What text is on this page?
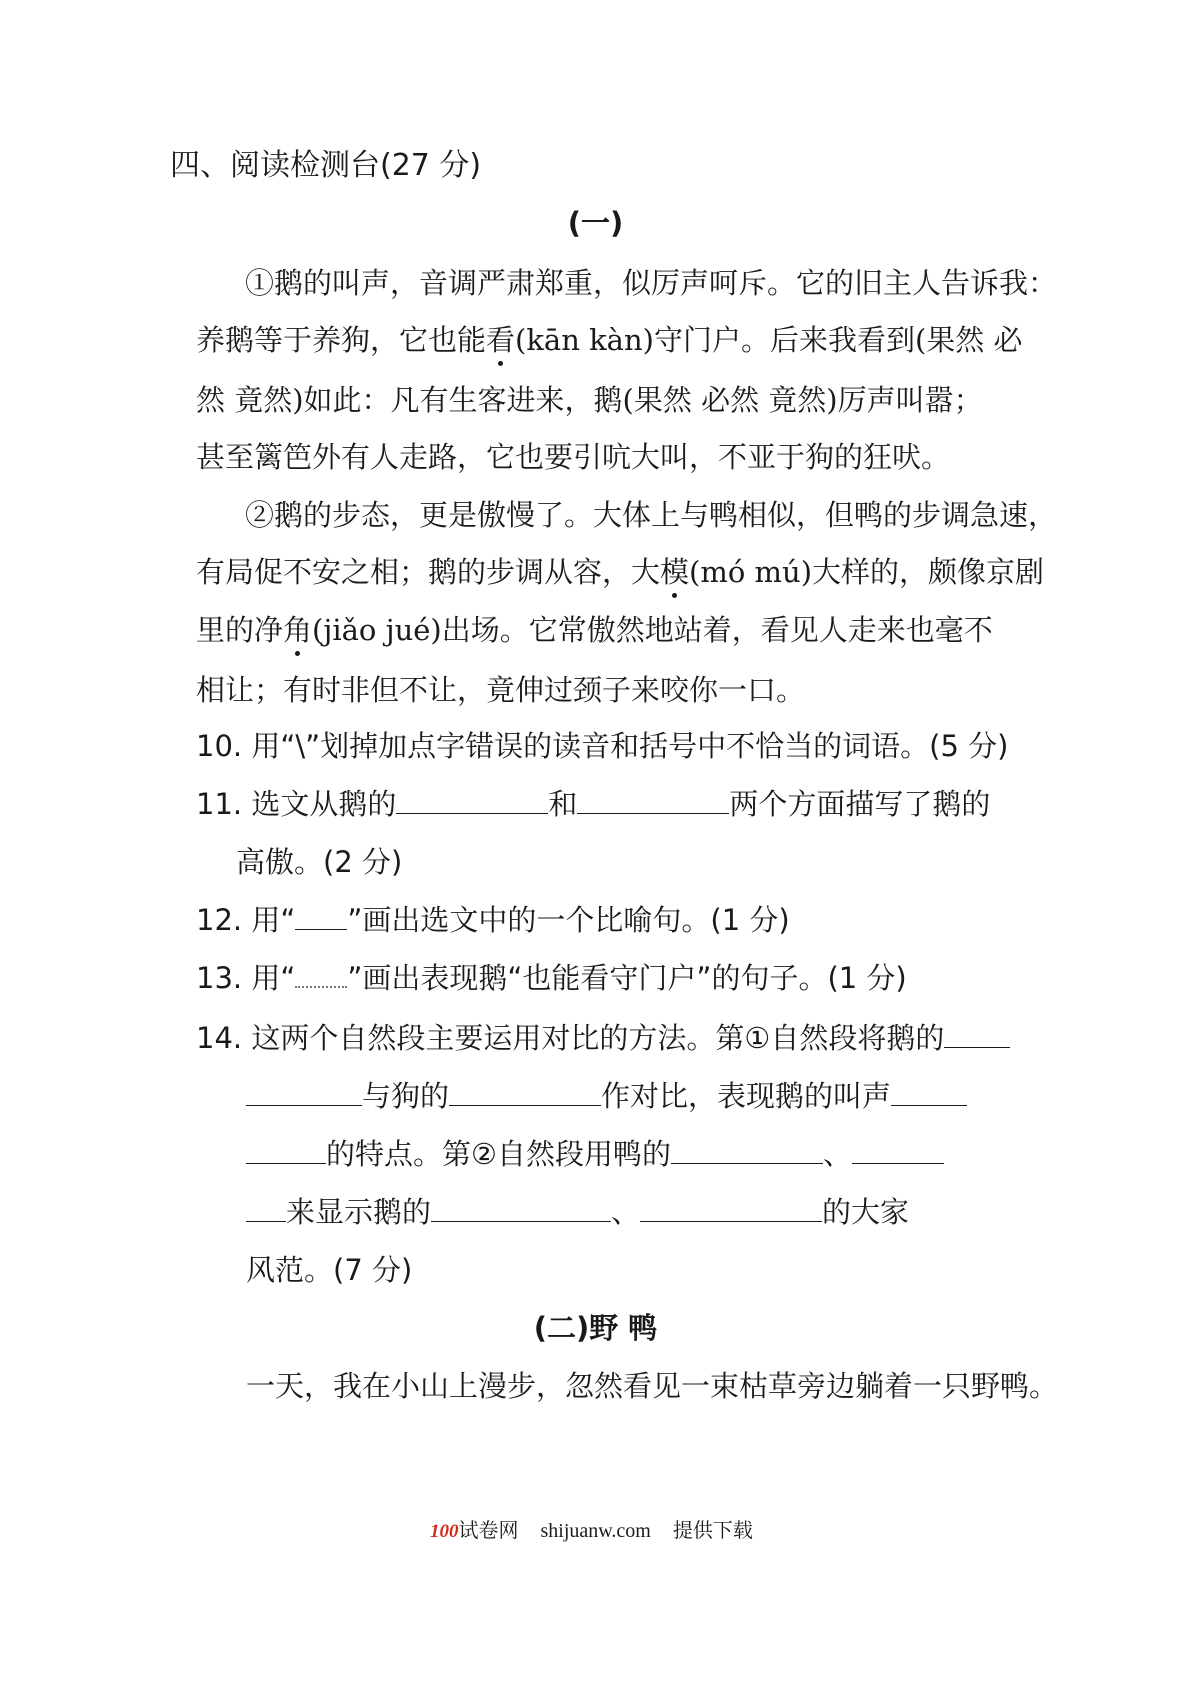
四、阅读检测台(27 分)
(一)
①鹅的叫声，音调严肃郑重，似厉声呵斥。它的旧主人告诉我：
养鹅等于养狗，它也能看(kān kàn)守门户。后来我看到(果然 必
然 竟然)如此：凡有生客进来，鹅(果然 必然 竟然)厉声叫嚣；
甚至篱笆外有人走路，它也要引吭大叫，不亚于狗的狂吠。
②鹅的步态，更是傲慢了。大体上与鸭相似，但鸭的步调急速，
有局促不安之相；鹅的步调从容，大模(mó mú)大样的，颇像京剧
里的净角(jiǎo jué)出场。它常傲然地站着，看见人走来也毫不
相让；有时非但不让，竟伸过颈子来咬你一口。
10. 用“\”划掉加点字错误的读音和括号中不恰当的词语。(5 分)
11. 选文从鹅的	和	两个方面描写了鹅的
高傲。(2 分)
12. 用“ ”画出选文中的一个比喻句。(1 分)
13. 用“ ”画出表现鹅“也能看守门户”的句子。(1 分)
14. 这两个自然段主要运用对比的方法。第①自然段将鹅的
与狗的	作对比，表现鹅的叫声
的特点。第②自然段用鸭的	、
来显示鹅的	、	的大家
风范。(7 分)
(二)野 鸭
一天，我在小山上漫步，忽然看见一束枯草旁边躺着一只野鸭。
100试卷网 shijuanw.com 提供下载
